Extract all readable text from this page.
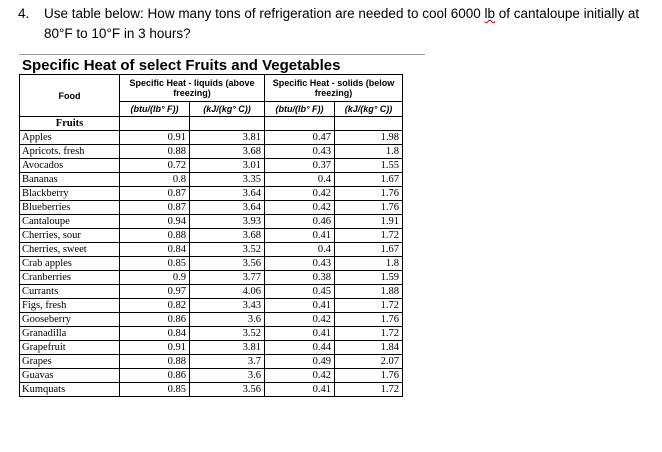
4. Use table below: How many tons of refrigeration are needed to cool 6000 lb of cantaloupe initially at
80°F to 10°F in 3 hours?
Specific Heat of select Fruits and Vegetables
Food	Specific Heat - liquids (above freezing)		Specific Heat - solids (below freezing)	
	(btu/(lb° F))	(kJ/(kg° C))	(btu/(lb° F))	(kJ/(kg° C))
Fruits				
Apples	0.91	3.81	0.47	1.98
Apricots. fresh	0.88	3.68	0.43	1.8
Avocados	0.72	3.01	0.37	1.55
Bananas	0.8	3.35	0.4	1.67
Blackberry	0.87	3.64	0.42	1.76
Blueberries	0.87	3.64	0.42	1.76
Cantaloupe	0.94	3.93	0.46	1.91
Cherries, sour	0.88	3.68	0.41	1.72
Cherries, sweet	0.84	3.52	0.4	1.67
Crab apples	0.85	3.56	0.43	1.8
Cranberries	0.9	3.77	0.38	1.59
Currants	0.97	4.06	0.45	1.88
Figs, fresh	0.82	3.43	0.41	1.72
Gooseberry	0.86	3.6	0.42	1.76
Granadilla	0.84	3.52	0.41	1.72
Grapefruit	0.91	3.81	0.44	1.84
Grapes	0.88	3.7	0.49	2.07
Guavas	0.86	3.6	0.42	1.76
Kumquats	0.85	3.56	0.41	1.72
